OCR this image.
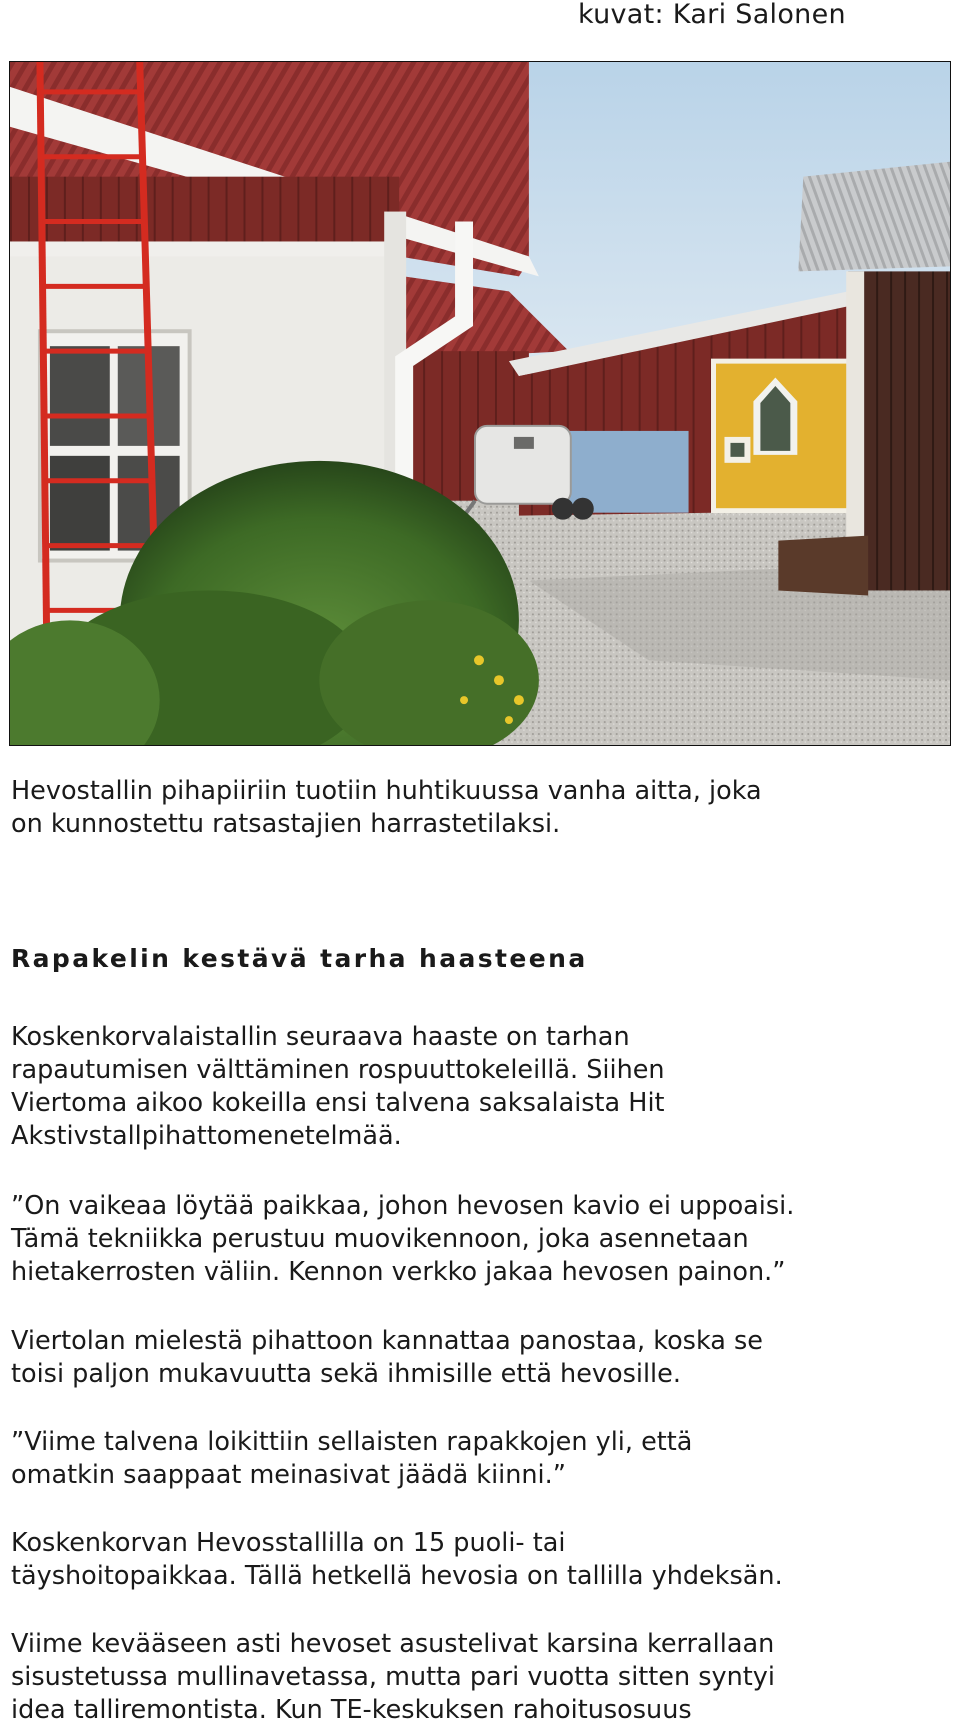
kuvat: Kari Salonen

Hevostallin pihapiiriin tuotiin huhtikuussa vanha aitta, joka
on kunnostettu ratsastajien harrastetilaksi.

Rapakelin kestävä tarha haasteena

Koskenkorvalaistallin seuraava haaste on tarhan
rapautumisen välttäminen rospuuttokeleillä. Siihen
Viertoma aikoo kokeilla ensi talvena saksalaista Hit
Akstivstallpihattomenetelmää.

”On vaikeaa löytää paikkaa, johon hevosen kavio ei uppoaisi.
Tämä tekniikka perustuu muovikennoon, joka asennetaan
hietakerrosten väliin. Kennon verkko jakaa hevosen painon.”

Viertolan mielestä pihattoon kannattaa panostaa, koska se
toisi paljon mukavuutta sekä ihmisille että hevosille.

”Viime talvena loikittiin sellaisten rapakkojen yli, että
omatkin saappaat meinasivat jäädä kiinni.”

Koskenkorvan Hevosstallilla on 15 puoli- tai
täyshoitopaikkaa. Tällä hetkellä hevosia on tallilla yhdeksän.

Viime kevääseen asti hevoset asustelivat karsina kerrallaan
sisustetussa mullinavetassa, mutta pari vuotta sitten syntyi
idea talliremontista. Kun TE-keskuksen rahoitusosuus
